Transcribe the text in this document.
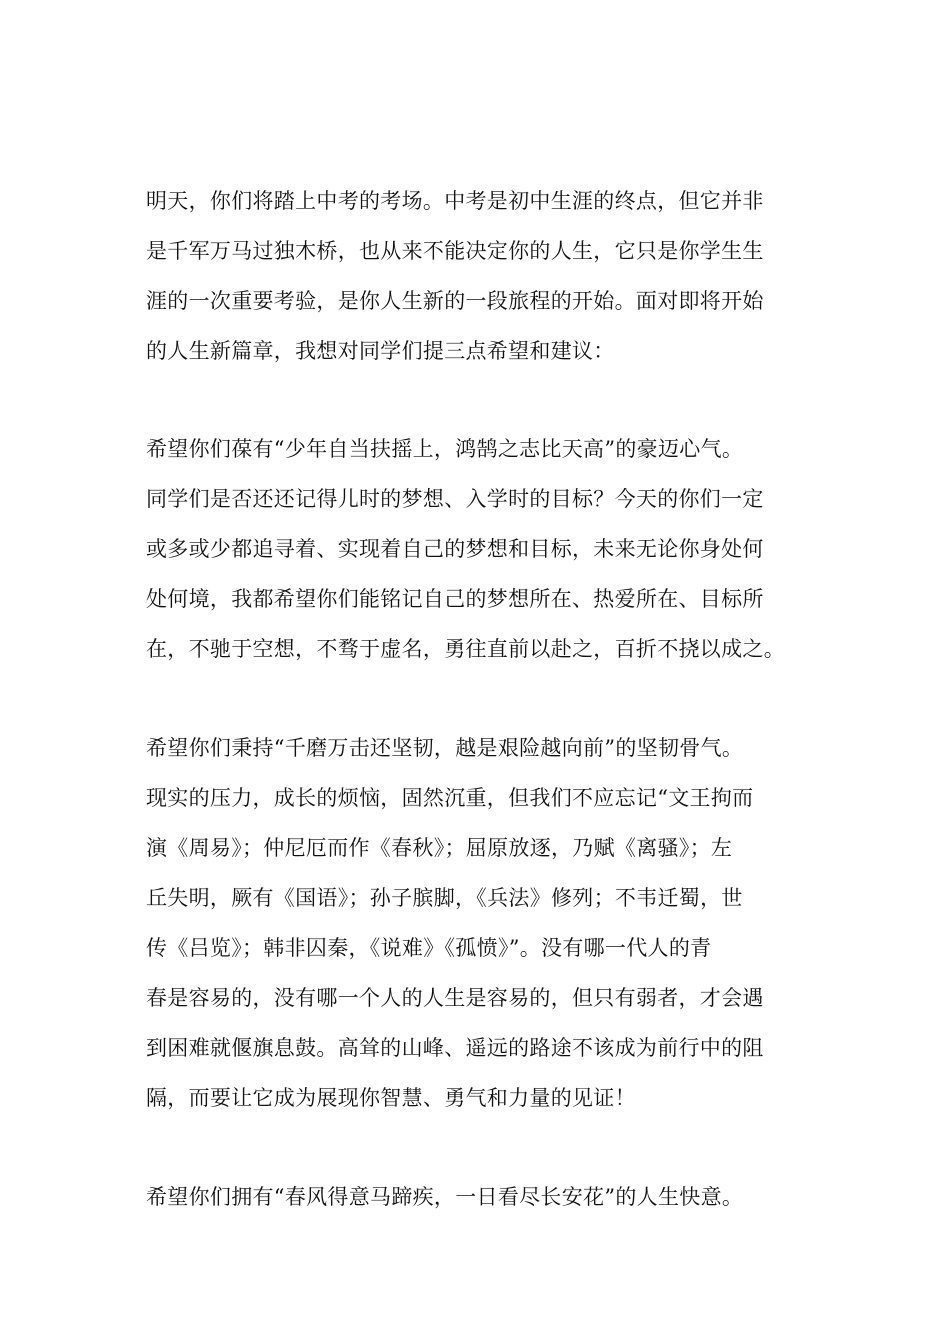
明天，你们将踏上中考的考场。中考是初中生涯的终点，但它并非

是千军万马过独木桥，也从来不能决定你的人生，它只是你学生生

涯的一次重要考验，是你人生新的一段旅程的开始。面对即将开始

的人生新篇章，我想对同学们提三点希望和建议：

希望你们葆有“少年自当扶摇上，鸿鹄之志比天高”的豪迈心气。

同学们是否还还记得儿时的梦想、入学时的目标？今天的你们一定

或多或少都追寻着、实现着自己的梦想和目标，未来无论你身处何

处何境，我都希望你们能铭记自己的梦想所在、热爱所在、目标所

在，不驰于空想，不骛于虚名，勇往直前以赴之，百折不挠以成之。

希望你们秉持“千磨万击还坚韧，越是艰险越向前”的坚韧骨气。

现实的压力，成长的烦恼，固然沉重，但我们不应忘记“文王拘而

演《周易》；仲尼厄而作《春秋》；屈原放逐，乃赋《离骚》；左

丘失明，厥有《国语》；孙子膑脚，《兵法》修列；不韦迁蜀，世

传《吕览》；韩非囚秦，《说难》《孤愤》”。没有哪一代人的青

春是容易的，没有哪一个人的人生是容易的，但只有弱者，才会遇

到困难就偃旗息鼓。高耸的山峰、遥远的路途不该成为前行中的阻

隔，而要让它成为展现你智慧、勇气和力量的见证！

希望你们拥有“春风得意马蹄疾，一日看尽长安花”的人生快意。
